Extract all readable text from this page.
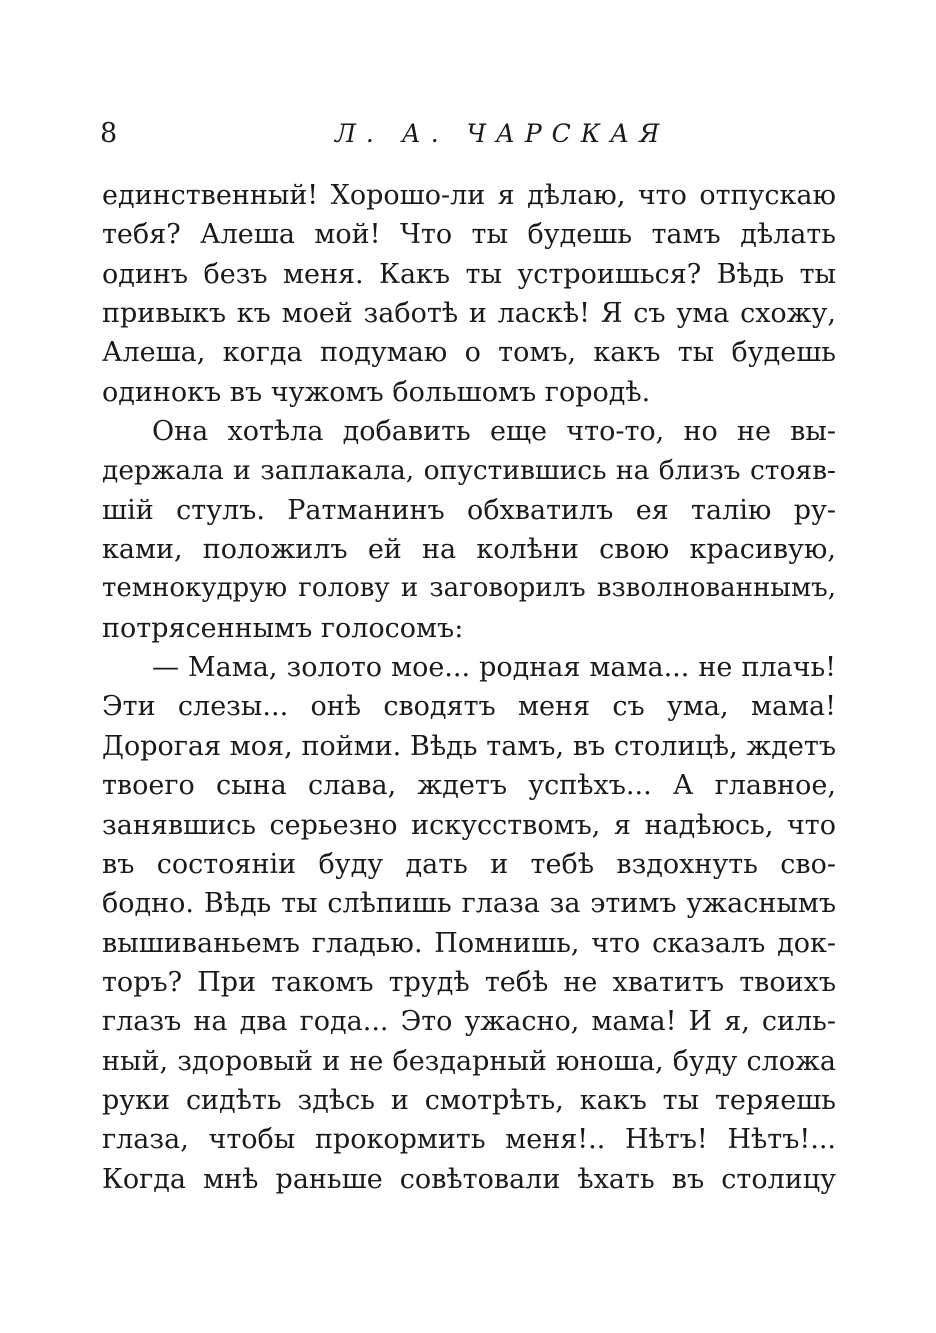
8	Л. А. ЧАРСКАЯ
единственный! Хорошо-ли я дѣлаю, что отпускаю
тебя? Алеша мой! Что ты будешь тамъ дѣлать
одинъ безъ меня. Какъ ты устроишься? Вѣдь ты
привыкъ къ моей заботѣ и ласкѣ! Я съ ума схожу,
Алеша, когда подумаю о томъ, какъ ты будешь
одинокъ въ чужомъ большомъ городѣ.
Она хотѣла добавить еще что-то, но не вы-
держала и заплакала, опустившись на близъ стояв-
шій стулъ. Ратманинъ обхватилъ ея талію ру-
ками, положилъ ей на колѣни свою красивую,
темнокудрую голову и заговорилъ взволнованнымъ,
потрясеннымъ голосомъ:
— Мама, золото мое... родная мама... не плачь!
Эти слезы... онѣ сводятъ меня съ ума, мама!
Дорогая моя, пойми. Вѣдь тамъ, въ столицѣ, ждетъ
твоего сына слава, ждетъ успѣхъ... А главное,
занявшись серьезно искусствомъ, я надѣюсь, что
въ состояніи буду дать и тебѣ вздохнуть сво-
бодно. Вѣдь ты слѣпишь глаза за этимъ ужаснымъ
вышиваньемъ гладью. Помнишь, что сказалъ док-
торъ? При такомъ трудѣ тебѣ не хватитъ твоихъ
глазъ на два года... Это ужасно, мама! И я, силь-
ный, здоровый и не бездарный юноша, буду сложа
руки сидѣть здѣсь и смотрѣть, какъ ты теряешь
глаза, чтобы прокормить меня!.. Нѣтъ! Нѣтъ!...
Когда мнѣ раньше совѣтовали ѣхать въ столицу
